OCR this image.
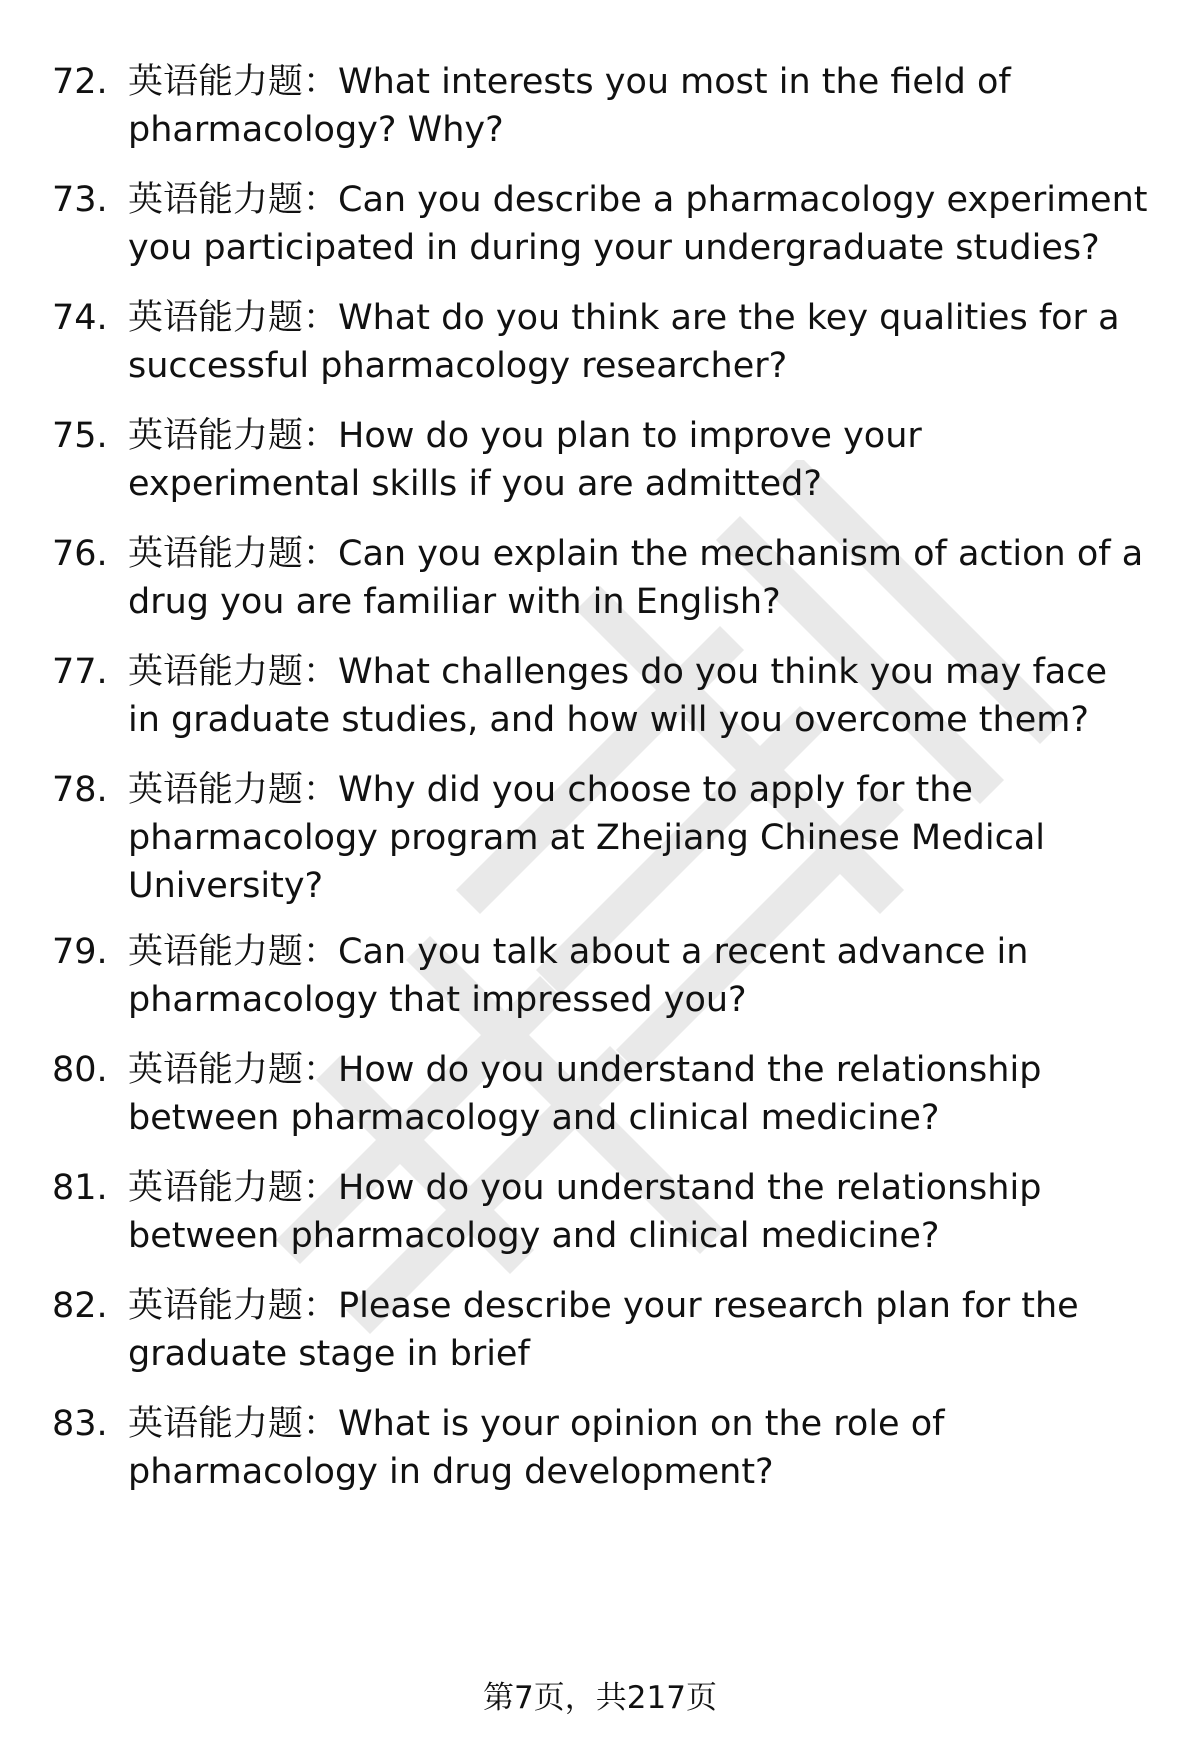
72. 英语能力题：What interests you most in the field of pharmacology? Why?
73. 英语能力题：Can you describe a pharmacology experiment you participated in during your undergraduate studies?
74. 英语能力题：What do you think are the key qualities for a successful pharmacology researcher?
75. 英语能力题：How do you plan to improve your experimental skills if you are admitted?
76. 英语能力题：Can you explain the mechanism of action of a drug you are familiar with in English?
77. 英语能力题：What challenges do you think you may face in graduate studies, and how will you overcome them?
78. 英语能力题：Why did you choose to apply for the pharmacology program at Zhejiang Chinese Medical University?
79. 英语能力题：Can you talk about a recent advance in pharmacology that impressed you?
80. 英语能力题：How do you understand the relationship between pharmacology and clinical medicine?
81. 英语能力题：How do you understand the relationship between pharmacology and clinical medicine?
82. 英语能力题：Please describe your research plan for the graduate stage in brief
83. 英语能力题：What is your opinion on the role of pharmacology in drug development?
第7页，共217页
